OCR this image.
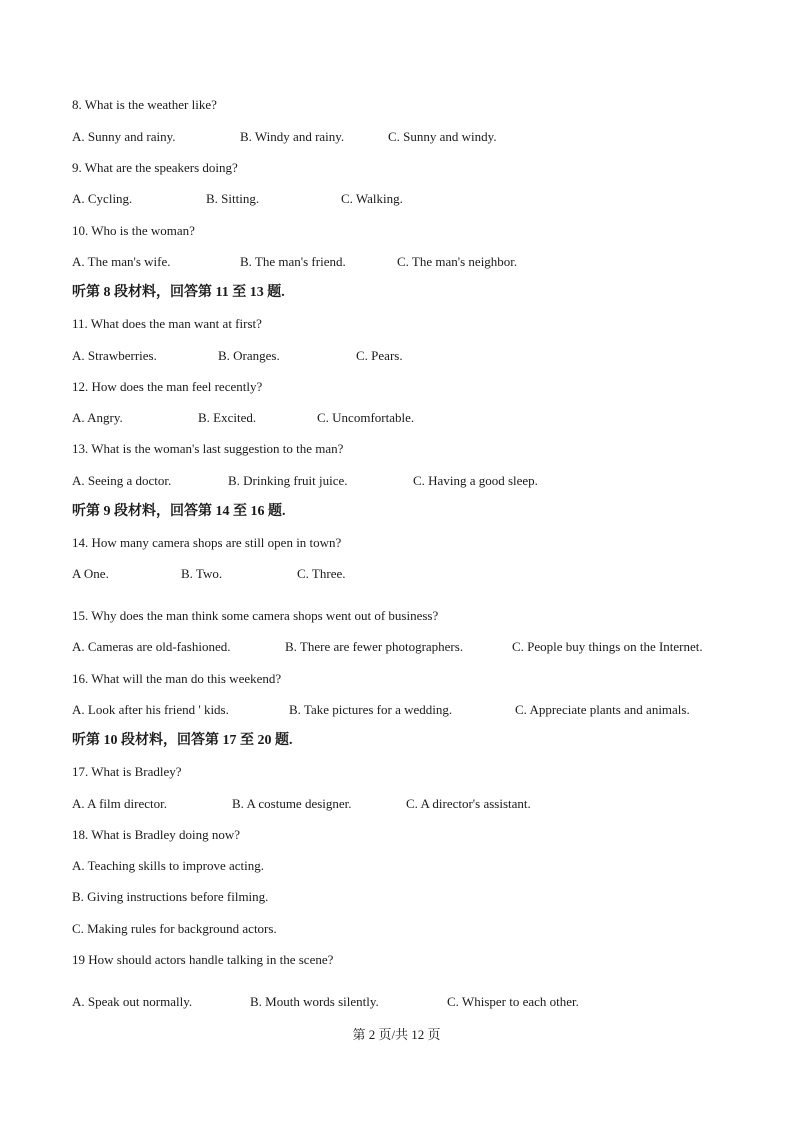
8. What is the weather like?
A. Sunny and rainy.	B. Windy and rainy.	C. Sunny and windy.
9. What are the speakers doing?
A. Cycling.	B. Sitting.	C. Walking.
10. Who is the woman?
A. The man's wife.	B. The man's friend.	C. The man's neighbor.
听第 8 段材料，回答第 11 至 13 题.
11. What does the man want at first?
A. Strawberries.	B. Oranges.	C. Pears.
12. How does the man feel recently?
A. Angry.	B. Excited.	C. Uncomfortable.
13. What is the woman's last suggestion to the man?
A. Seeing a doctor.	B. Drinking fruit juice.	C. Having a good sleep.
听第 9 段材料，回答第 14 至 16 题.
14. How many camera shops are still open in town?
A One.	B. Two.	C. Three.
15. Why does the man think some camera shops went out of business?
A. Cameras are old-fashioned.	B. There are fewer photographers.	C. People buy things on the Internet.
16. What will the man do this weekend?
A. Look after his friend ' kids.	B. Take pictures for a wedding.	C. Appreciate plants and animals.
听第 10 段材料，回答第 17 至 20 题.
17. What is Bradley?
A. A film director.	B. A costume designer.	C. A director's assistant.
18. What is Bradley doing now?
A. Teaching skills to improve acting.
B. Giving instructions before filming.
C. Making rules for background actors.
19 How should actors handle talking in the scene?
A. Speak out normally.	B. Mouth words silently.	C. Whisper to each other.
第 2 页/共 12 页
